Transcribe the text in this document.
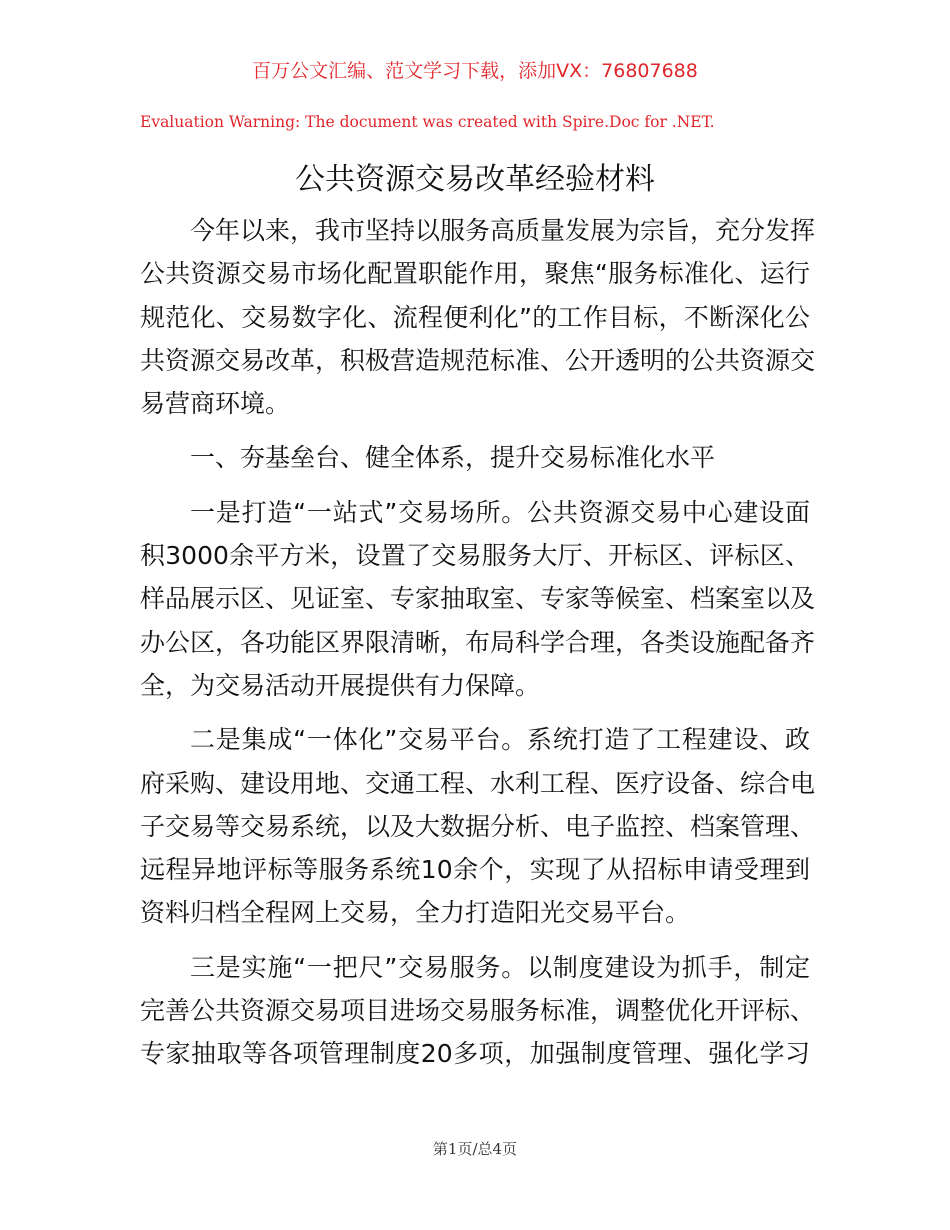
百万公文汇编、范文学习下载，添加VX：76807688
Evaluation Warning: The document was created with Spire.Doc for .NET.
公共资源交易改革经验材料
今年以来，我市坚持以服务高质量发展为宗旨，充分发挥
公共资源交易市场化配置职能作用，聚焦“服务标准化、运行
规范化、交易数字化、流程便利化”的工作目标，不断深化公
共资源交易改革，积极营造规范标准、公开透明的公共资源交
易营商环境。
一、夯基垒台、健全体系，提升交易标准化水平
一是打造“一站式”交易场所。公共资源交易中心建设面
积3000余平方米，设置了交易服务大厅、开标区、评标区、
样品展示区、见证室、专家抽取室、专家等候室、档案室以及
办公区，各功能区界限清晰，布局科学合理，各类设施配备齐
全，为交易活动开展提供有力保障。
二是集成“一体化”交易平台。系统打造了工程建设、政
府采购、建设用地、交通工程、水利工程、医疗设备、综合电
子交易等交易系统，以及大数据分析、电子监控、档案管理、
远程异地评标等服务系统10余个，实现了从招标申请受理到
资料归档全程网上交易，全力打造阳光交易平台。
三是实施“一把尺”交易服务。以制度建设为抓手，制定
完善公共资源交易项目进场交易服务标准，调整优化开评标、
专家抽取等各项管理制度20多项，加强制度管理、强化学习
第1页/总4页
